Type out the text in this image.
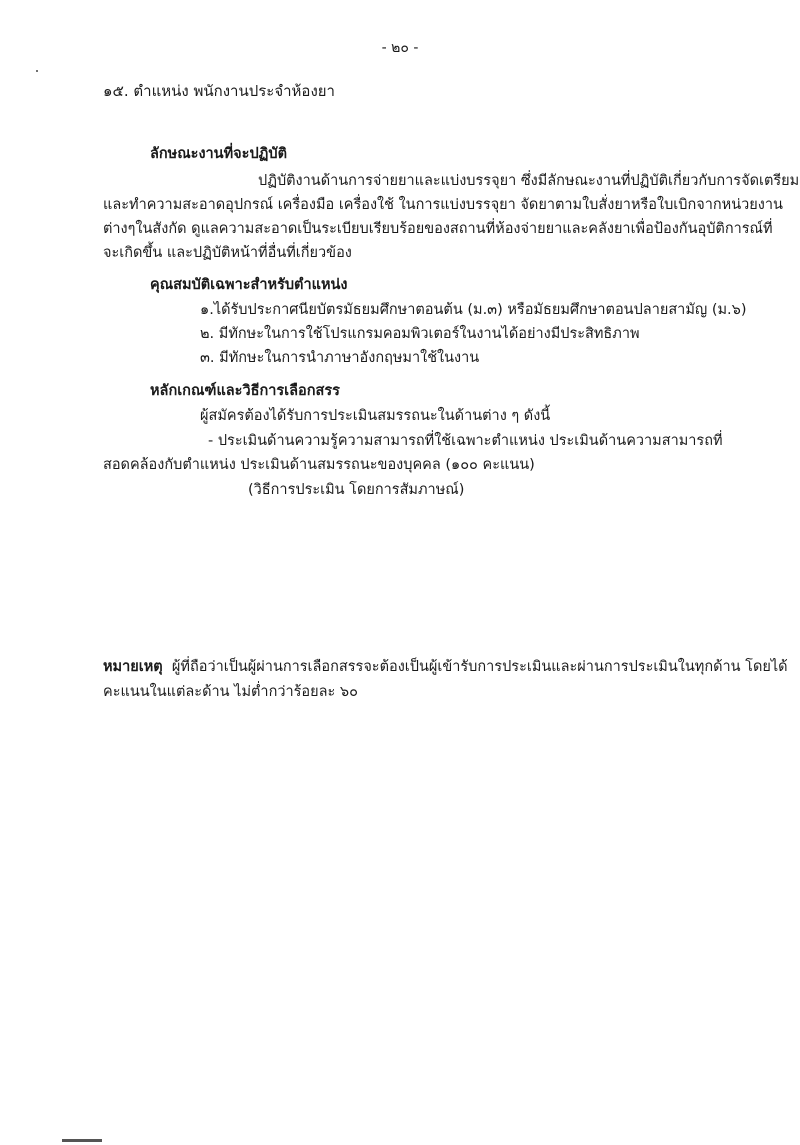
- ๒๐ -
๑๕. ตำแหน่ง พนักงานประจำห้องยา
ลักษณะงานที่จะปฏิบัติ
ปฏิบัติงานด้านการจ่ายยาและแบ่งบรรจุยา ซึ่งมีลักษณะงานที่ปฏิบัติเกี่ยวกับการจัดเตรียม
และทำความสะอาดอุปกรณ์ เครื่องมือ เครื่องใช้ ในการแบ่งบรรจุยา จัดยาตามใบสั่งยาหรือใบเบิกจากหน่วยงาน
ต่างๆในสังกัด ดูแลความสะอาดเป็นระเบียบเรียบร้อยของสถานที่ห้องจ่ายยาและคลังยาเพื่อป้องกันอุบัติการณ์ที่
จะเกิดขึ้น และปฏิบัติหน้าที่อื่นที่เกี่ยวข้อง
คุณสมบัติเฉพาะสำหรับตำแหน่ง
๑.ได้รับประกาศนียบัตรมัธยมศึกษาตอนต้น (ม.๓) หรือมัธยมศึกษาตอนปลายสามัญ (ม.๖)
๒. มีทักษะในการใช้โปรแกรมคอมพิวเตอร์ในงานได้อย่างมีประสิทธิภาพ
๓. มีทักษะในการนำภาษาอังกฤษมาใช้ในงาน
หลักเกณฑ์และวิธีการเลือกสรร
ผู้สมัครต้องได้รับการประเมินสมรรถนะในด้านต่าง ๆ ดังนี้
- ประเมินด้านความรู้ความสามารถที่ใช้เฉพาะตำแหน่ง ประเมินด้านความสามารถที่
สอดคล้องกับตำแหน่ง ประเมินด้านสมรรถนะของบุคคล (๑๐๐ คะแนน)
(วิธีการประเมิน โดยการสัมภาษณ์)
หมายเหตุ ผู้ที่ถือว่าเป็นผู้ผ่านการเลือกสรรจะต้องเป็นผู้เข้ารับการประเมินและผ่านการประเมินในทุกด้าน โดยได้
คะแนนในแต่ละด้าน ไม่ต่ำกว่าร้อยละ ๖๐
